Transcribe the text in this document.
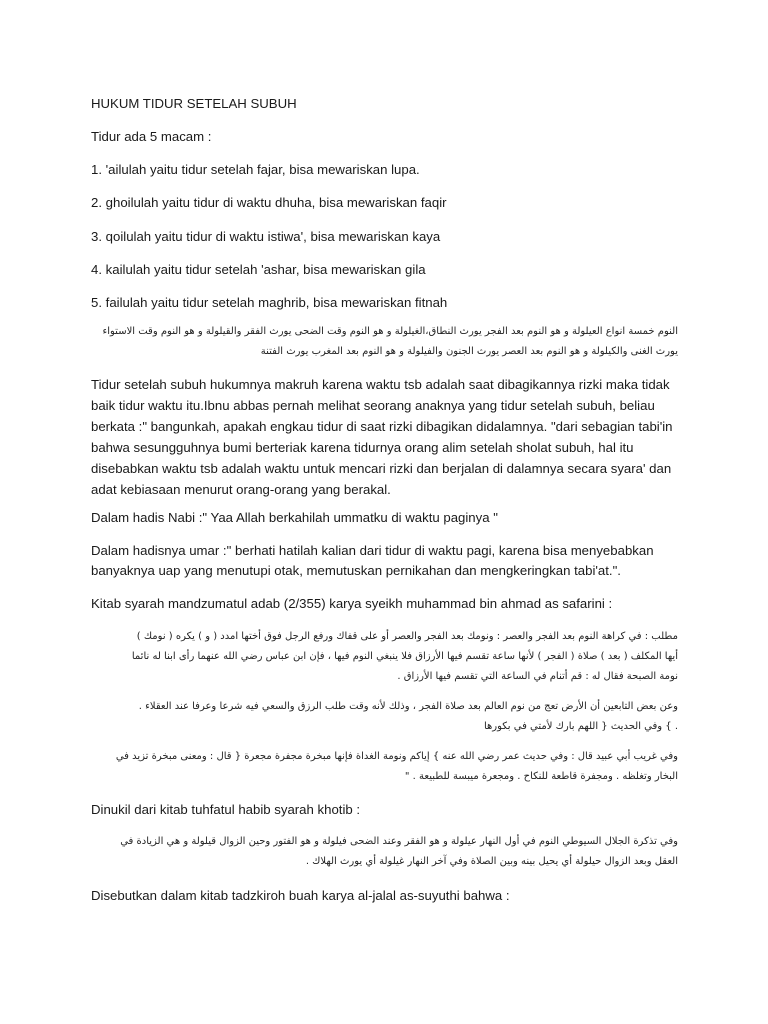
HUKUM TIDUR SETELAH SUBUH

Tidur ada 5 macam :

1. 'ailulah yaitu tidur setelah fajar, bisa mewariskan lupa.

2. ghoilulah yaitu tidur di waktu dhuha, bisa mewariskan faqir

3. qoilulah yaitu tidur di waktu istiwa', bisa mewariskan kaya

4. kailulah yaitu tidur setelah 'ashar, bisa mewariskan gila

5. failulah yaitu tidur setelah maghrib, bisa mewariskan fitnah

النوم خمسة انواع العيلولة و هو النوم بعد الفجر يورث النطاق،الغيلولة و هو النوم وقت الضحى يورث الفقر والقيلولة و هو النوم وقت الاستواء

يورث الغنى والكيلولة و هو النوم بعد العصر يورث الجنون والفيلولة و هو النوم بعد المغرب يورث الفتنة

Tidur setelah subuh hukumnya makruh karena waktu tsb adalah saat dibagikannya rizki maka tidak baik tidur waktu itu.Ibnu abbas pernah melihat seorang anaknya yang tidur setelah subuh, beliau berkata :" bangunkah, apakah engkau tidur di saat rizki dibagikan didalamnya. "dari sebagian tabi'in bahwa sesungguhnya bumi berteriak karena tidurnya orang alim setelah sholat subuh, hal itu disebabkan waktu tsb adalah waktu untuk mencari rizki dan berjalan di dalamnya secara syara' dan adat kebiasaan menurut orang-orang yang berakal.

Dalam hadis Nabi :" Yaa Allah berkahilah ummatku di waktu paginya "

Dalam hadisnya umar :" berhati hatilah kalian dari tidur di waktu pagi, karena bisa menyebabkan banyaknya uap yang menutupi otak, memutuskan pernikahan dan mengkeringkan tabi'at.".

Kitab syarah mandzumatul adab (2/355) karya syeikh muhammad bin ahmad as safarini :

مطلب : في كراهة النوم بعد الفجر والعصر : ونومك بعد الفجر والعصر أو على قفاك ورفع الرجل فوق أختها امدد ( و ) يكره ( نومك )

أيها المكلف ( بعد ) صلاة ( الفجر ) لأنها ساعة تقسم فيها الأرزاق فلا ينبغي النوم فيها ، فإن ابن عباس رضي الله عنهما رأى ابنا له نائما

نومة الصبحة فقال له : قم أتنام في الساعة التي تقسم فيها الأرزاق .

وعن بعض التابعين أن الأرض تعج من نوم العالم بعد صلاة الفجر ، وذلك لأنه وقت طلب الرزق والسعي فيه شرعا وعرفا عند العقلاء .

. } وفي الحديث { اللهم بارك لأمتي في بكورها

وفي غريب أبي عبيد قال : وفي حديث عمر رضي الله عنه } إياكم ونومة الغداة فإنها مبخرة مجفرة مجعرة { قال : ومعنى مبخرة تزيد في

البخار وتغلظه . ومجفرة قاطعة للنكاح . ومجعرة ميبسة للطبيعة . "

Dinukil dari kitab tuhfatul habib syarah khotib :

وفي تذكرة الجلال السيوطي النوم في أول النهار عيلولة و هو الفقر وعند الضحى فيلولة و هو الفتور وحين الزوال قيلولة و هي الزيادة في

العقل وبعد الزوال حيلولة أي يحيل بينه وبين الصلاة وفي آخر النهار غيلولة أي يورث الهلاك .

Disebutkan dalam kitab tadzkiroh buah karya al-jalal as-suyuthi bahwa :
